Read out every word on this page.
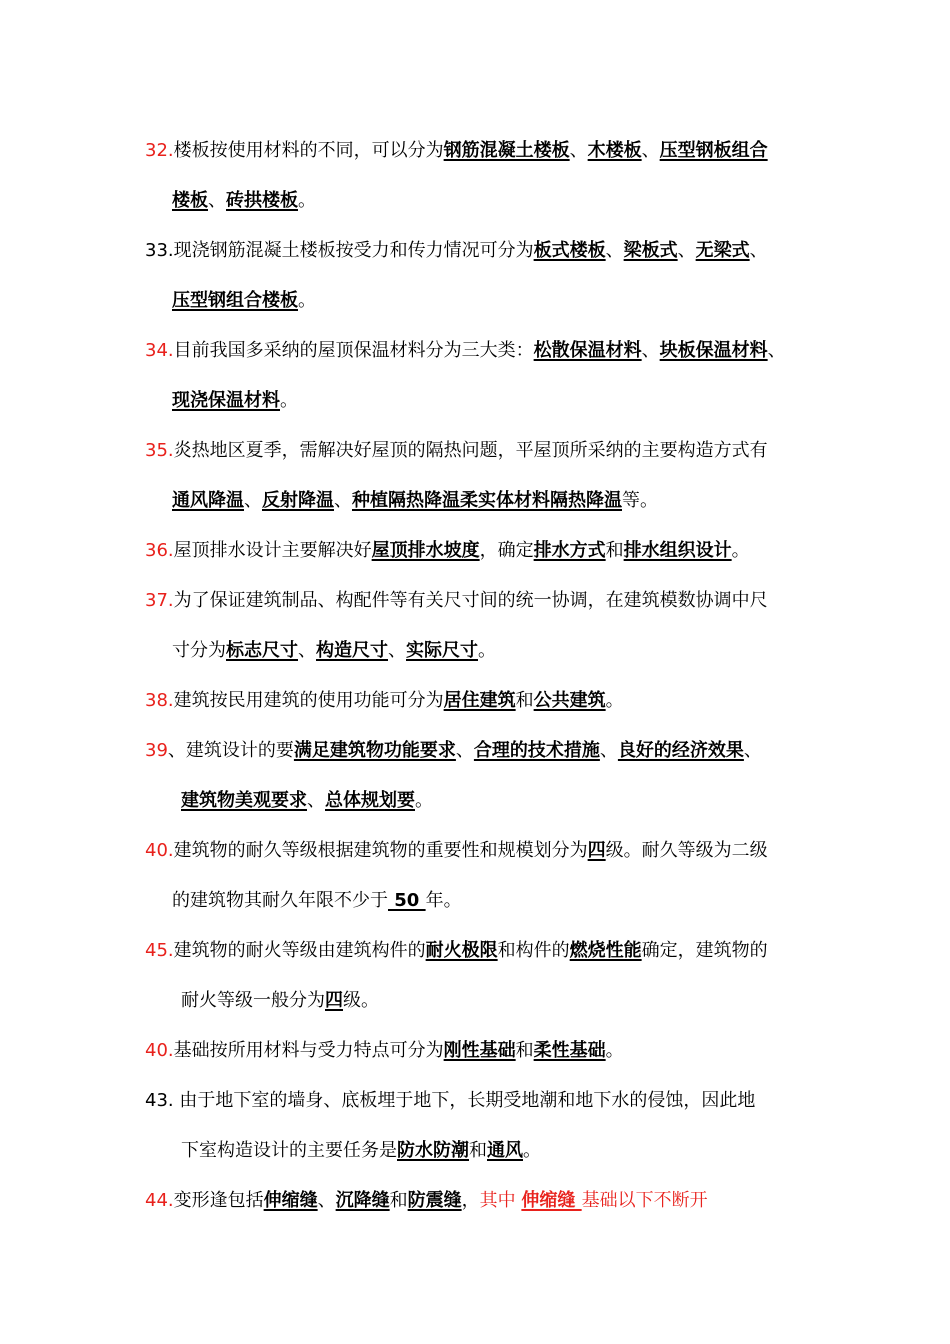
32.楼板按使用材料的不同，可以分为钢筋混凝土楼板、木楼板、压型钢板组合
楼板、砖拱楼板。
33.现浇钢筋混凝土楼板按受力和传力情况可分为板式楼板、梁板式、无梁式、
压型钢组合楼板。
34.目前我国多采纳的屋顶保温材料分为三大类：松散保温材料、块板保温材料、
现浇保温材料。
35.炎热地区夏季，需解决好屋顶的隔热问题，平屋顶所采纳的主要构造方式有
通风降温、反射降温、种植隔热降温柔实体材料隔热降温等。
36.屋顶排水设计主要解决好屋顶排水坡度，确定排水方式和排水组织设计。
37.为了保证建筑制品、构配件等有关尺寸间的统一协调，在建筑模数协调中尺
寸分为标志尺寸、构造尺寸、实际尺寸。
38.建筑按民用建筑的使用功能可分为居住建筑和公共建筑。
39、建筑设计的要满足建筑物功能要求、合理的技术措施、良好的经济效果、
建筑物美观要求、总体规划要。
40.建筑物的耐久等级根据建筑物的重要性和规模划分为四级。耐久等级为二级
的建筑物其耐久年限不少于 50 年。
45.建筑物的耐火等级由建筑构件的耐火极限和构件的燃烧性能确定，建筑物的
耐火等级一般分为四级。
40.基础按所用材料与受力特点可分为刚性基础和柔性基础。
43. 由于地下室的墙身、底板埋于地下，长期受地潮和地下水的侵蚀，因此地
下室构造设计的主要任务是防水防潮和通风。
44.变形逢包括伸缩缝、沉降缝和防震缝，其中 伸缩缝 基础以下不断开
